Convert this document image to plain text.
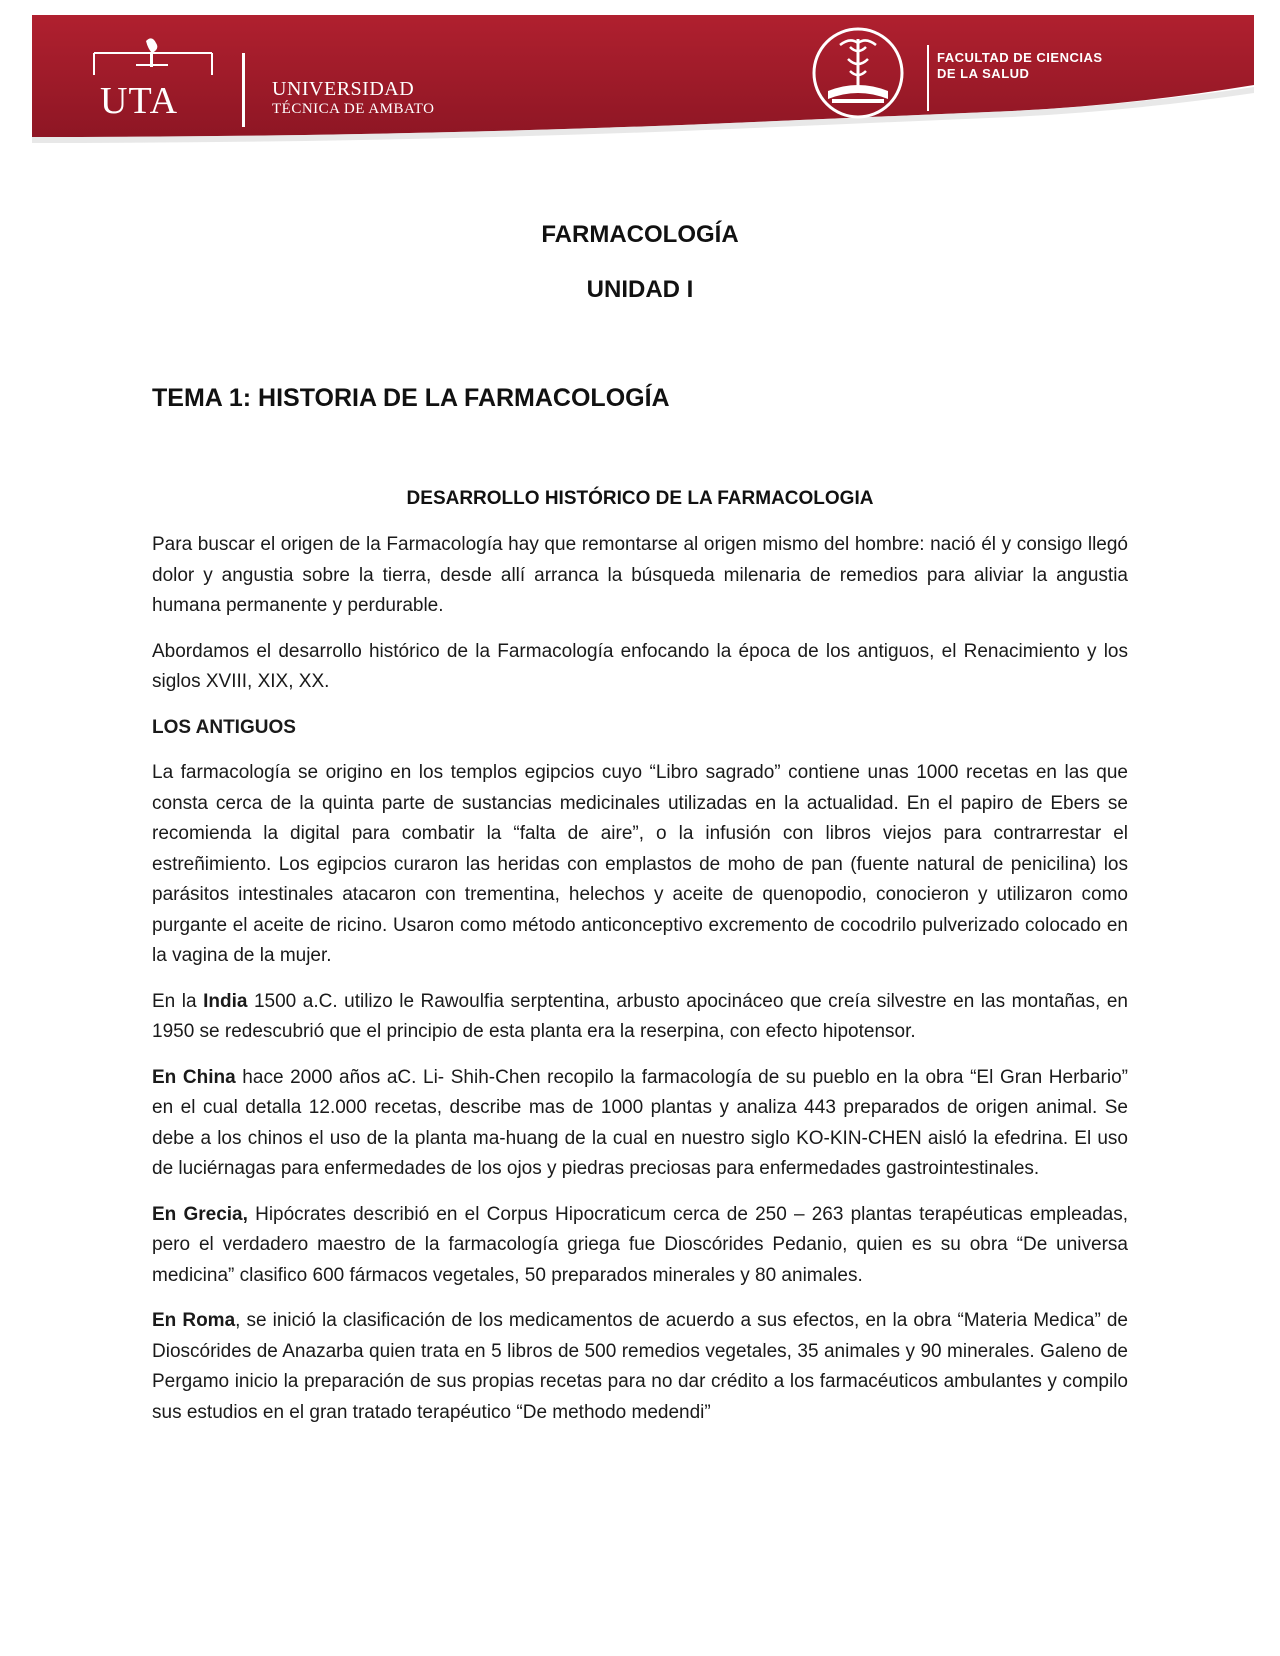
UTA	UNIVERSIDAD
TÉCNICA DE AMBATO
FACULTAD DE CIENCIAS
DE LA SALUD
FARMACOLOGÍA
UNIDAD I
TEMA 1: HISTORIA DE LA FARMACOLOGÍA
DESARROLLO HISTÓRICO DE LA FARMACOLOGIA

Para buscar el origen de la Farmacología hay que remontarse al origen mismo del hombre: nació él y consigo llegó dolor y angustia sobre la tierra, desde allí arranca la búsqueda milenaria de remedios para aliviar la angustia humana permanente y perdurable.

Abordamos el desarrollo histórico de la Farmacología enfocando la época de los antiguos, el Renacimiento y los siglos XVIII, XIX, XX.

LOS ANTIGUOS

La farmacología se origino en los templos egipcios cuyo “Libro sagrado” contiene unas 1000 recetas en las que consta cerca de la quinta parte de sustancias medicinales utilizadas en la actualidad. En el papiro de Ebers se recomienda la digital para combatir la “falta de aire”, o la infusión con libros viejos para contrarrestar el estreñimiento. Los egipcios curaron las heridas con emplastos de moho de pan (fuente natural de penicilina) los parásitos intestinales atacaron con trementina, helechos y aceite de quenopodio, conocieron y utilizaron como purgante el aceite de ricino. Usaron como método anticonceptivo excremento de cocodrilo pulverizado colocado en la vagina de la mujer.

En la India 1500 a.C. utilizo le Rawoulfia serptentina, arbusto apocináceo que creía silvestre en las montañas, en 1950 se redescubrió que el principio de esta planta era la reserpina, con efecto hipotensor.

En China hace 2000 años aC. Li- Shih-Chen recopilo la farmacología de su pueblo en la obra “El Gran Herbario” en el cual detalla 12.000 recetas, describe mas de 1000 plantas y analiza 443 preparados de origen animal. Se debe a los chinos el uso de la planta ma-huang de la cual en nuestro siglo KO-KIN-CHEN aisló la efedrina. El uso de luciérnagas para enfermedades de los ojos y piedras preciosas para enfermedades gastrointestinales.

En Grecia, Hipócrates describió en el Corpus Hipocraticum cerca de 250 – 263 plantas terapéuticas empleadas, pero el verdadero maestro de la farmacología griega fue Dioscórides Pedanio, quien es su obra “De universa medicina” clasifico 600 fármacos vegetales, 50 preparados minerales y 80 animales.

En Roma, se inició la clasificación de los medicamentos de acuerdo a sus efectos, en la obra “Materia Medica” de Dioscórides de Anazarba quien trata en 5 libros de 500 remedios vegetales, 35 animales y 90 minerales. Galeno de Pergamo inicio la preparación de sus propias recetas para no dar crédito a los farmacéuticos ambulantes y compilo sus estudios en el gran tratado terapéutico “De methodo medendi”
